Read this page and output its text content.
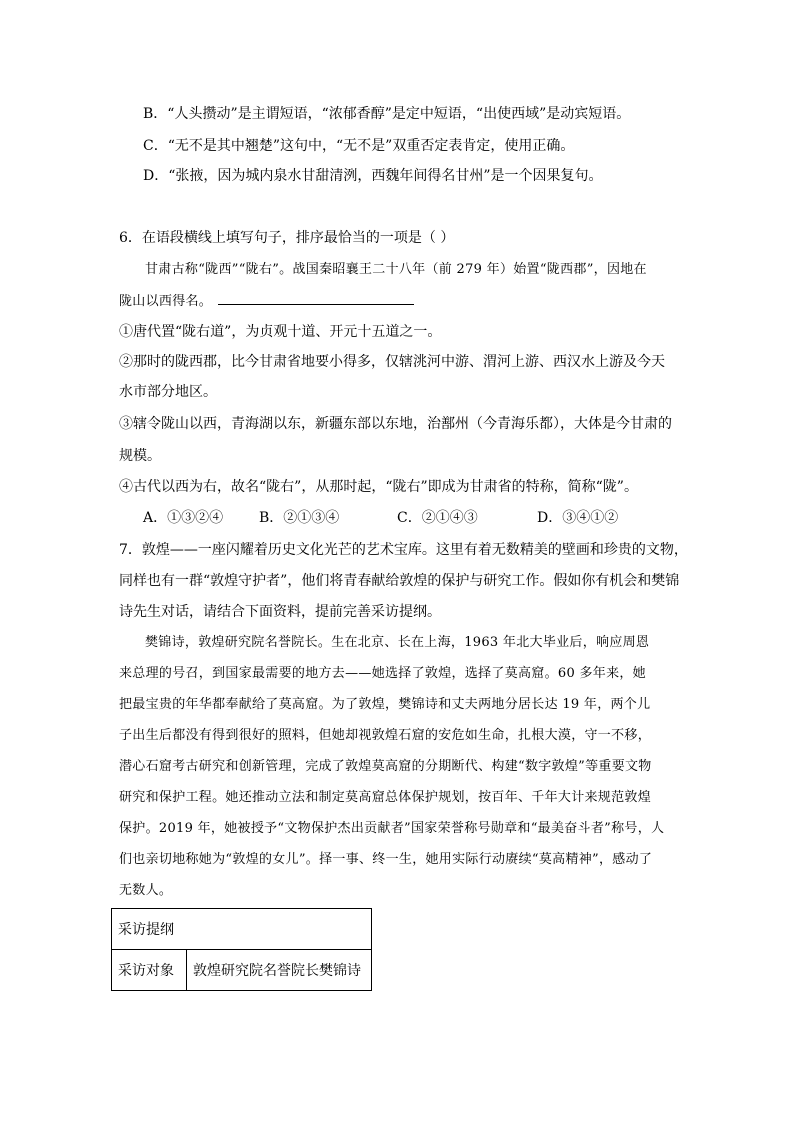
B．“人头攒动”是主谓短语，“浓郁香醇”是定中短语，“出使西域”是动宾短语。
C．“无不是其中翘楚”这句中，“无不是”双重否定表肯定，使用正确。
D．“张掖，因为城内泉水甘甜清洌，西魏年间得名甘州”是一个因果复句。
6．在语段横线上填写句子，排序最恰当的一项是（ ）
甘肃古称“陇西”“陇右”。战国秦昭襄王二十八年（前 279 年）始置“陇西郡”，因地在
陇山以西得名。
①唐代置“陇右道”，为贞观十道、开元十五道之一。
②那时的陇西郡，比今甘肃省地要小得多，仅辖洮河中游、渭河上游、西汉水上游及今天
水市部分地区。
③辖令陇山以西，青海湖以东，新疆东部以东地，治鄯州（今青海乐都），大体是今甘肃的
规模。
④古代以西为右，故名“陇右”，从那时起，“陇右”即成为甘肃省的特称，简称“陇”。
A．①③②④	B．②①③④	C．②①④③	D．③④①②
7．敦煌——一座闪耀着历史文化光芒的艺术宝库。这里有着无数精美的壁画和珍贵的文物，
同样也有一群“敦煌守护者”，他们将青春献给敦煌的保护与研究工作。假如你有机会和樊锦
诗先生对话，请结合下面资料，提前完善采访提纲。
樊锦诗，敦煌研究院名誉院长。生在北京、长在上海，1963 年北大毕业后，响应周恩
来总理的号召，到国家最需要的地方去——她选择了敦煌，选择了莫高窟。60 多年来，她
把最宝贵的年华都奉献给了莫高窟。为了敦煌，樊锦诗和丈夫两地分居长达 19 年，两个儿
子出生后都没有得到很好的照料，但她却视敦煌石窟的安危如生命，扎根大漠，守一不移，
潜心石窟考古研究和创新管理，完成了敦煌莫高窟的分期断代、构建“数字敦煌”等重要文物
研究和保护工程。她还推动立法和制定莫高窟总体保护规划，按百年、千年大计来规范敦煌
保护。2019 年，她被授予“文物保护杰出贡献者”国家荣誉称号勋章和“最美奋斗者”称号，人
们也亲切地称她为“敦煌的女儿”。择一事、终一生，她用实际行动赓续“莫高精神”，感动了
无数人。
采访提纲
采访对象	敦煌研究院名誉院长樊锦诗
